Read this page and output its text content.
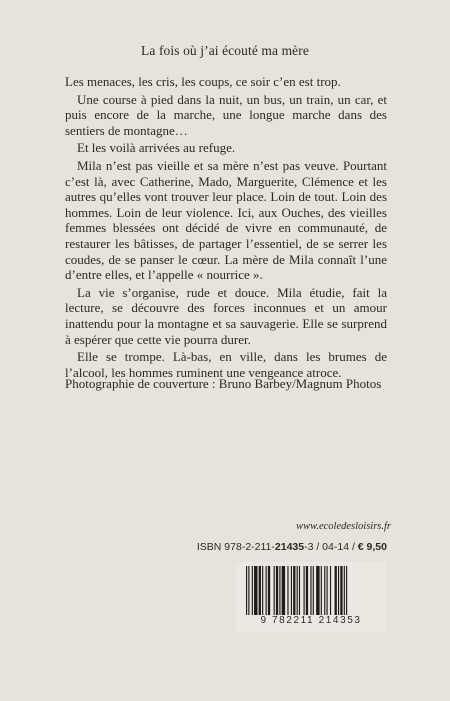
La fois où j’ai écouté ma mère

Les menaces, les cris, les coups, ce soir c’en est trop.

Une course à pied dans la nuit, un bus, un train, un car, et puis encore de la marche, une longue marche dans des sentiers de montagne…

Et les voilà arrivées au refuge.

Mila n’est pas vieille et sa mère n’est pas veuve. Pourtant c’est là, avec Catherine, Mado, Marguerite, Clémence et les autres qu’elles vont trouver leur place. Loin de tout. Loin des hommes. Loin de leur violence. Ici, aux Ouches, des vieilles femmes blessées ont décidé de vivre en communauté, de restaurer les bâtisses, de partager l’essentiel, de se serrer les coudes, de se panser le cœur. La mère de Mila connaît l’une d’entre elles, et l’appelle « nourrice ».

La vie s’organise, rude et douce. Mila étudie, fait la lecture, se découvre des forces inconnues et un amour inattendu pour la montagne et sa sauvagerie. Elle se surprend à espérer que cette vie pourra durer.

Elle se trompe. Là-bas, en ville, dans les brumes de l’alcool, les hommes ruminent une vengeance atroce.

Photographie de couverture : Bruno Barbey/Magnum Photos
www.ecoledesloisirs.fr
ISBN 978-2-211-21435-3 / 04-14 / € 9,50
9 782211 214353
